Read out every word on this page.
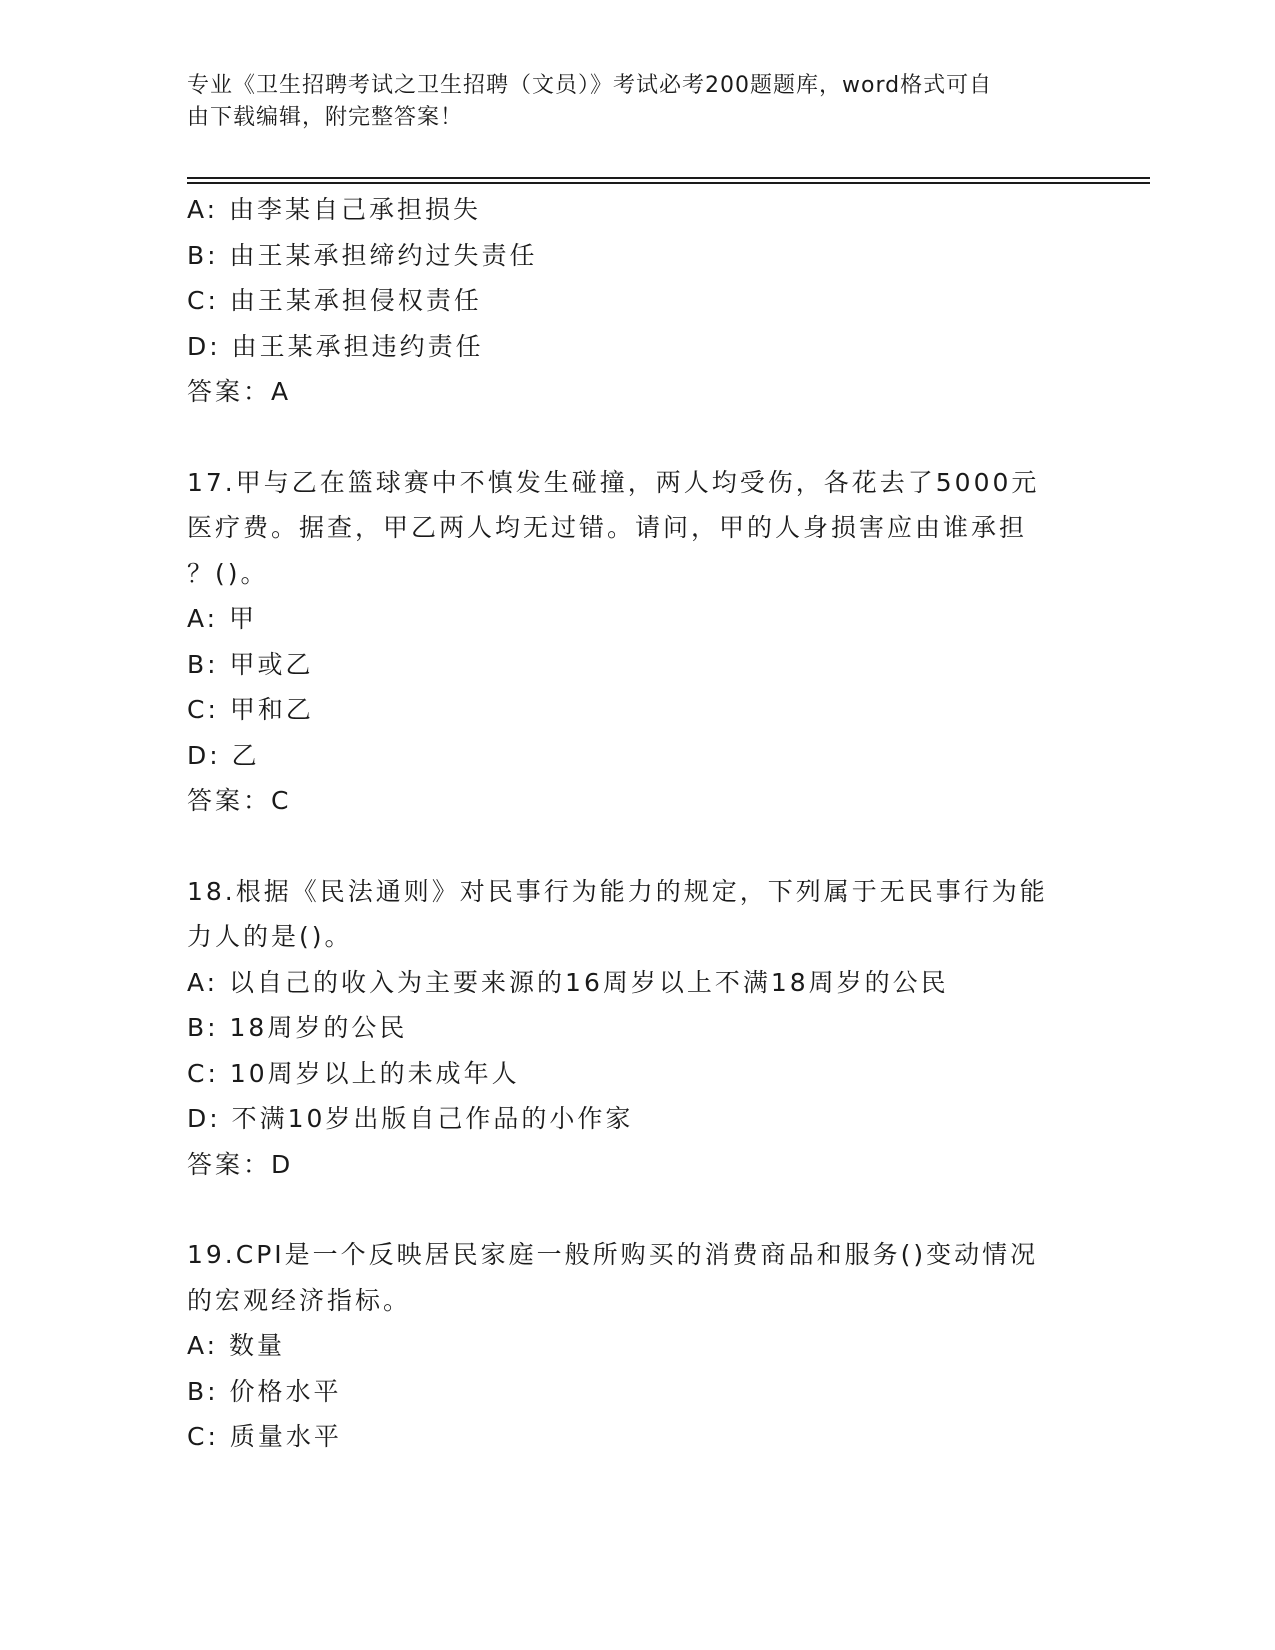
专业《卫生招聘考试之卫生招聘（文员）》考试必考200题题库，word格式可自
由下载编辑，附完整答案！
A: 由李某自己承担损失
B: 由王某承担缔约过失责任
C: 由王某承担侵权责任
D: 由王某承担违约责任
答案：A
17.甲与乙在篮球赛中不慎发生碰撞，两人均受伤，各花去了5000元
医疗费。据查，甲乙两人均无过错。请问，甲的人身损害应由谁承担
？()。
A: 甲
B: 甲或乙
C: 甲和乙
D: 乙
答案：C
18.根据《民法通则》对民事行为能力的规定，下列属于无民事行为能
力人的是()。
A: 以自己的收入为主要来源的16周岁以上不满18周岁的公民
B: 18周岁的公民
C: 10周岁以上的未成年人
D: 不满10岁出版自己作品的小作家
答案：D
19.CPI是一个反映居民家庭一般所购买的消费商品和服务()变动情况
的宏观经济指标。
A: 数量
B: 价格水平
C: 质量水平
